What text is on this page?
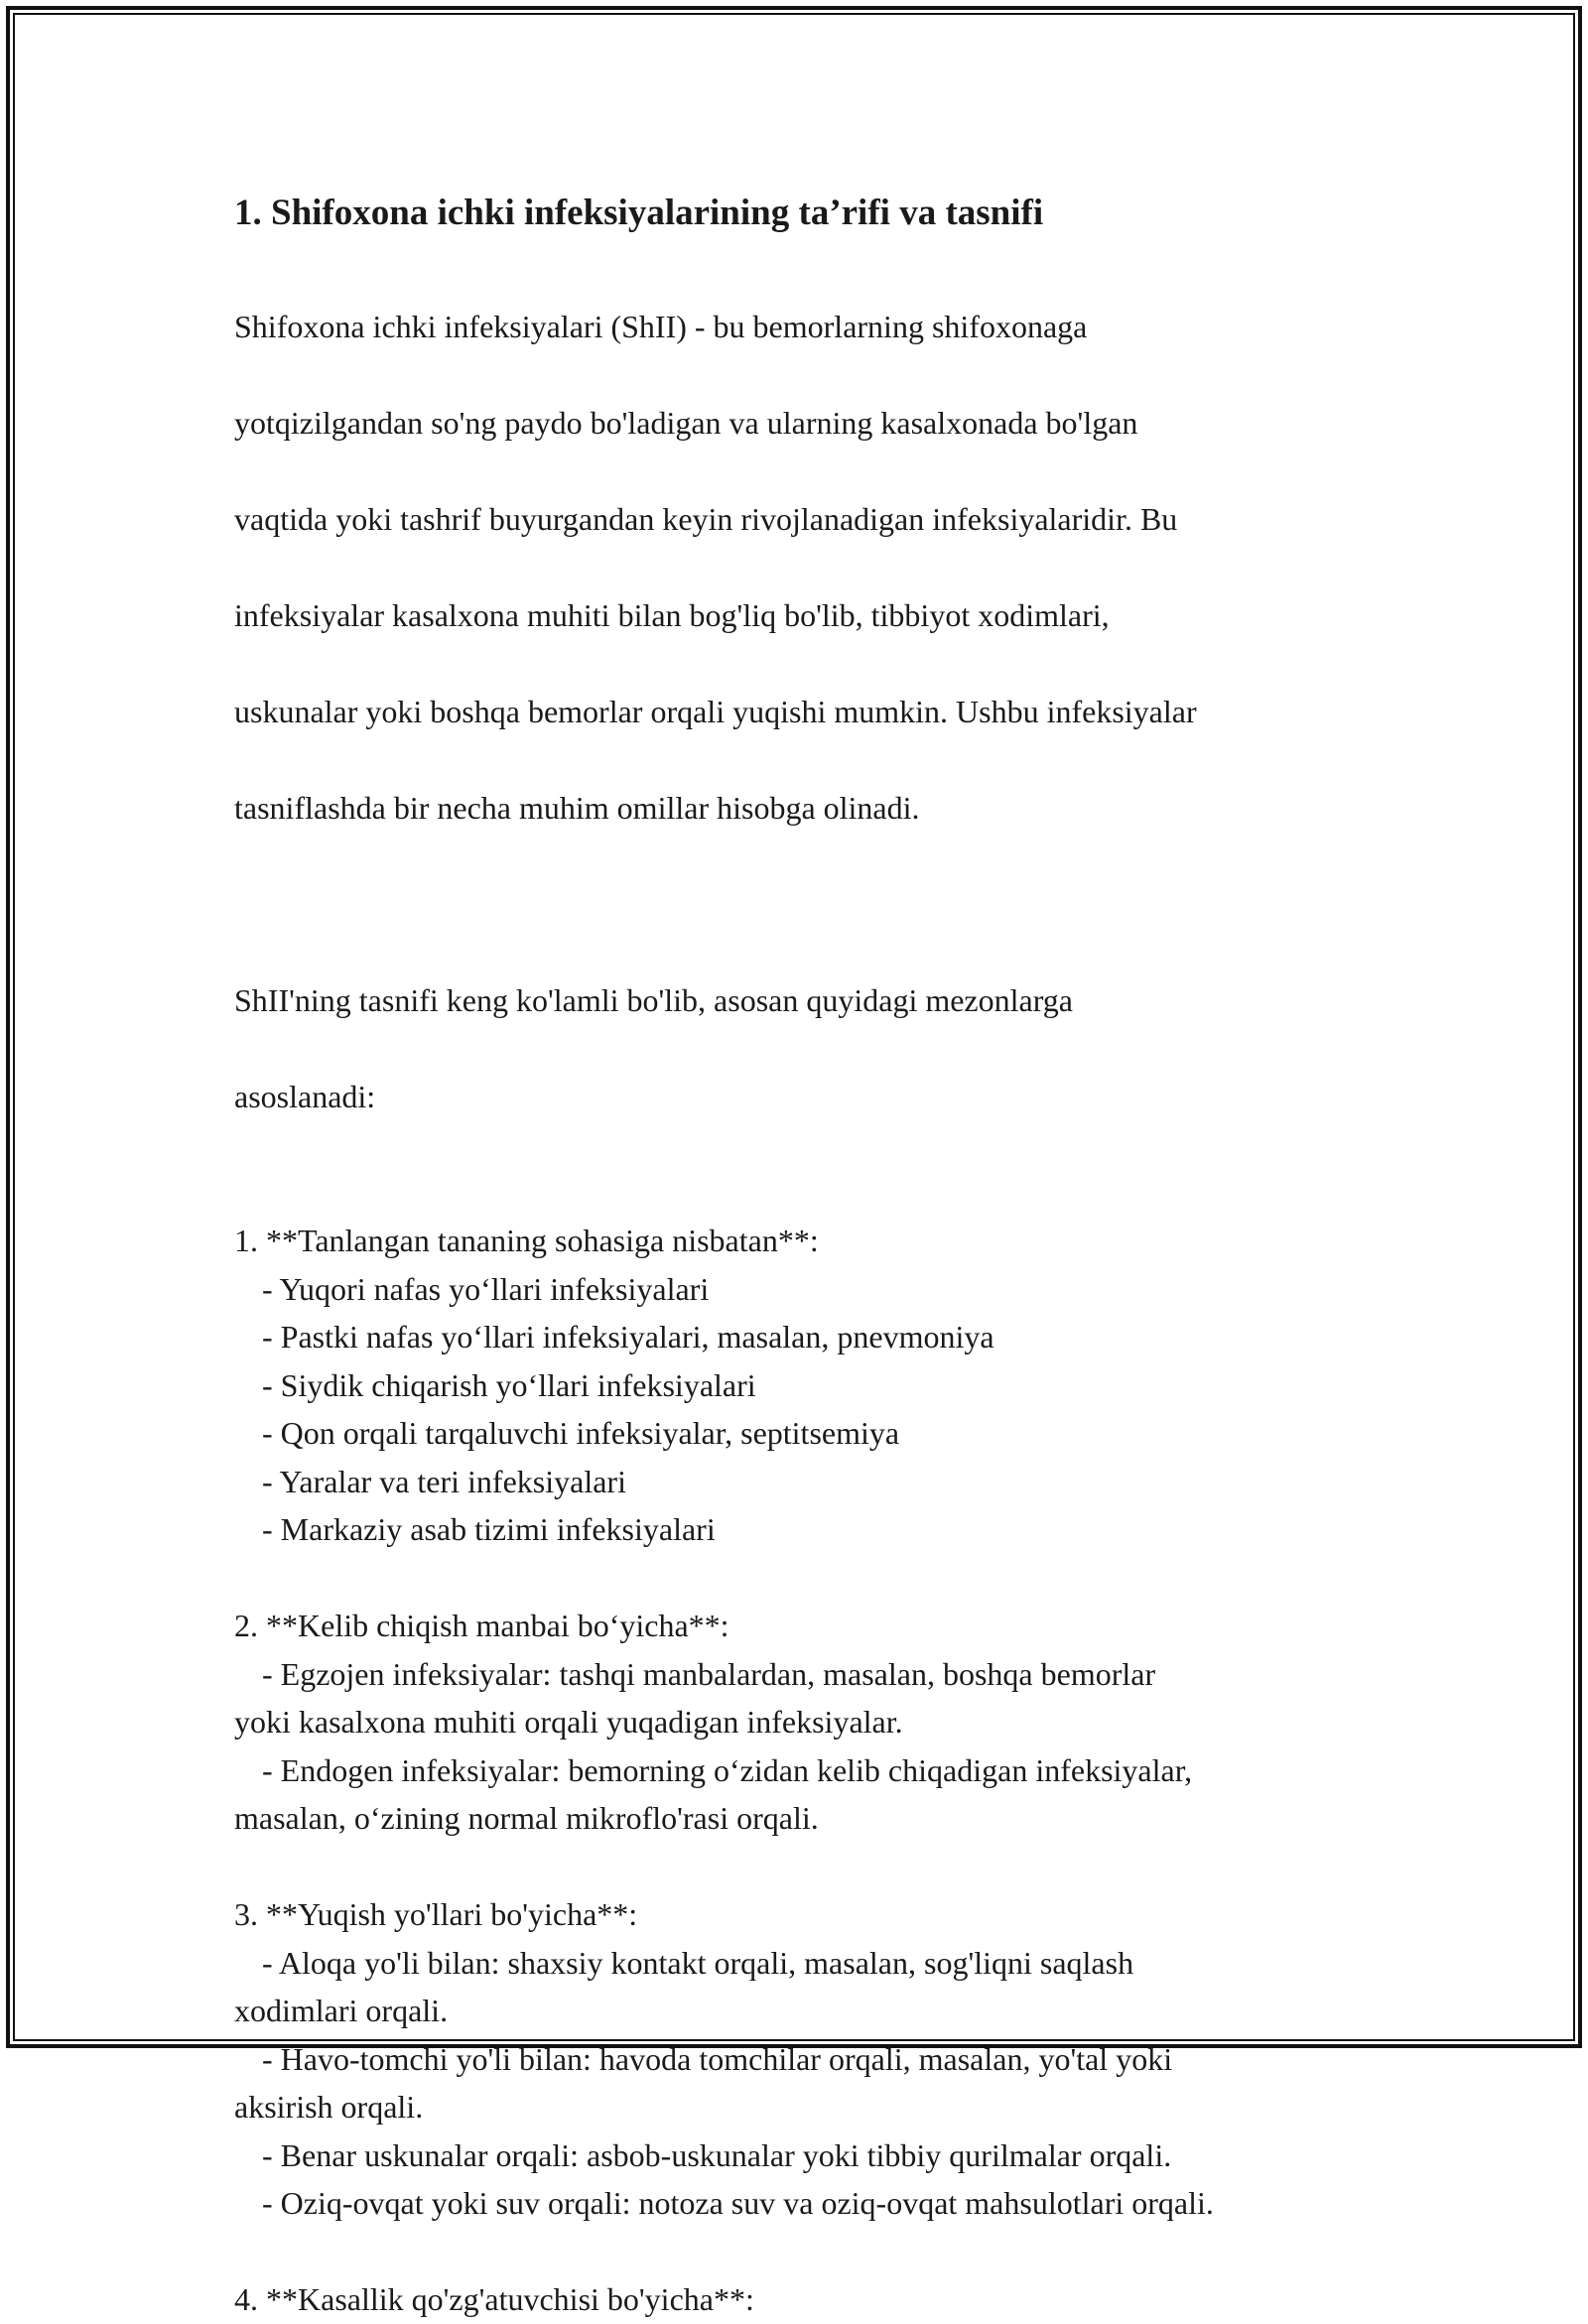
1. Shifoxona ichki infeksiyalarining ta’rifi va tasnifi

Shifoxona ichki infeksiyalari (ShII) - bu bemorlarning shifoxonaga

yotqizilgandan so'ng paydo bo'ladigan va ularning kasalxonada bo'lgan

vaqtida yoki tashrif buyurgandan keyin rivojlanadigan infeksiyalaridir. Bu

infeksiyalar kasalxona muhiti bilan bog'liq bo'lib, tibbiyot xodimlari,

uskunalar yoki boshqa bemorlar orqali yuqishi mumkin. Ushbu infeksiyalar

tasniflashda bir necha muhim omillar hisobga olinadi.

ShII'ning tasnifi keng ko'lamli bo'lib, asosan quyidagi mezonlarga

asoslanadi:

1. **Tanlangan tananing sohasiga nisbatan**:
- Yuqori nafas yo‘llari infeksiyalari
- Pastki nafas yo‘llari infeksiyalari, masalan, pnevmoniya
- Siydik chiqarish yo‘llari infeksiyalari
- Qon orqali tarqaluvchi infeksiyalar, septitsemiya
- Yaralar va teri infeksiyalari
- Markaziy asab tizimi infeksiyalari
2. **Kelib chiqish manbai bo‘yicha**:
- Egzojen infeksiyalar: tashqi manbalardan, masalan, boshqa bemorlar
yoki kasalxona muhiti orqali yuqadigan infeksiyalar.
- Endogen infeksiyalar: bemorning o‘zidan kelib chiqadigan infeksiyalar,
masalan, o‘zining normal mikroflo'rasi orqali.
3. **Yuqish yo'llari bo'yicha**:
- Aloqa yo'li bilan: shaxsiy kontakt orqali, masalan, sog'liqni saqlash
xodimlari orqali.
- Havo-tomchi yo'li bilan: havoda tomchilar orqali, masalan, yo'tal yoki
aksirish orqali.
- Benar uskunalar orqali: asbob-uskunalar yoki tibbiy qurilmalar orqali.
- Oziq-ovqat yoki suv orqali: notoza suv va oziq-ovqat mahsulotlari orqali.
4. **Kasallik qo'zg'atuvchisi bo'yicha**:
